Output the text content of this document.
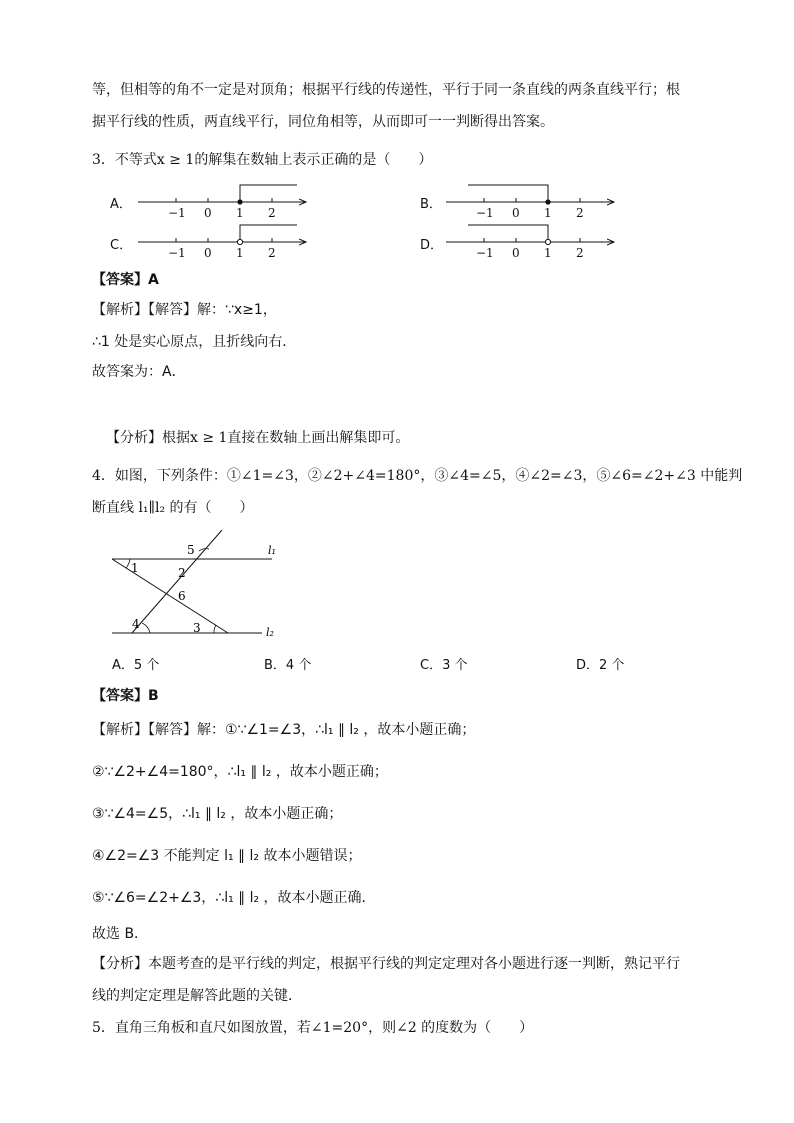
等，但相等的角不一定是对顶角；根据平行线的传递性，平行于同一条直线的两条直线平行；根
据平行线的性质，两直线平行，同位角相等，从而即可一一判断得出答案。
3．不等式x ≥ 1的解集在数轴上表示正确的是（　　）
A．	B．
C．	D．
−1 0 1 2	−1 0 1 2
−1 0 1 2	−1 0 1 2
【答案】A
【解析】【解答】解：∵x≥1，
∴1 处是实心原点，且折线向右．
故答案为：A．
【分析】根据x ≥ 1直接在数轴上画出解集即可。
4．如图，下列条件：①∠1=∠3，②∠2+∠4=180°，③∠4=∠5，④∠2=∠3，⑤∠6=∠2+∠3 中能判
断直线 l₁∥l₂ 的有（　　）
5
1	2
6
4	3
l₁
l₂
A．5 个	B．4 个	C．3 个	D．2 个
【答案】B
【解析】【解答】解：①∵∠1=∠3，∴l₁ ∥ l₂ ，故本小题正确；
②∵∠2+∠4=180°，∴l₁ ∥ l₂ ，故本小题正确；
③∵∠4=∠5，∴l₁ ∥ l₂ ，故本小题正确；
④∠2=∠3 不能判定 l₁ ∥ l₂ 故本小题错误；
⑤∵∠6=∠2+∠3，∴l₁ ∥ l₂ ，故本小题正确．
故选 B．
【分析】本题考查的是平行线的判定，根据平行线的判定定理对各小题进行逐一判断，熟记平行
线的判定定理是解答此题的关键．
5．直角三角板和直尺如图放置，若∠1=20°，则∠2 的度数为（　　）
